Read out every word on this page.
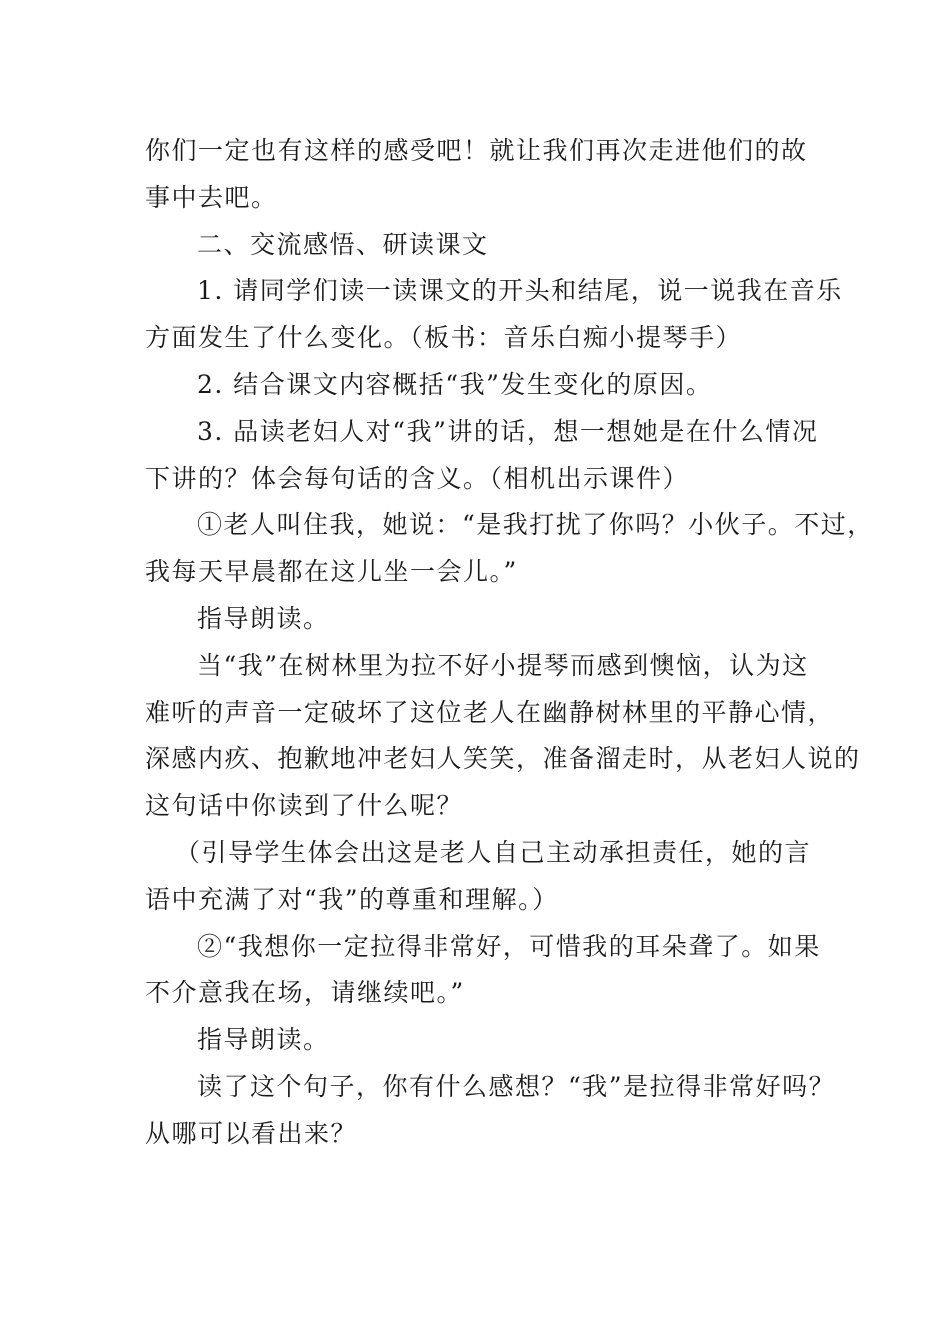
你们一定也有这样的感受吧！就让我们再次走进他们的故

事中去吧。

二、交流感悟、研读课文

1. 请同学们读一读课文的开头和结尾，说一说我在音乐

方面发生了什么变化。（板书：音乐白痴小提琴手）

2. 结合课文内容概括“我”发生变化的原因。

3. 品读老妇人对“我”讲的话，想一想她是在什么情况

下讲的？体会每句话的含义。（相机出示课件）

①老人叫住我，她说：“是我打扰了你吗？小伙子。不过，

我每天早晨都在这儿坐一会儿。”

指导朗读。

当“我”在树林里为拉不好小提琴而感到懊恼，认为这

难听的声音一定破坏了这位老人在幽静树林里的平静心情，

深感内疚、抱歉地冲老妇人笑笑，准备溜走时，从老妇人说的

这句话中你读到了什么呢？

（引导学生体会出这是老人自己主动承担责任，她的言

语中充满了对“我”的尊重和理解。）

②“我想你一定拉得非常好，可惜我的耳朵聋了。如果

不介意我在场，请继续吧。”

指导朗读。

读了这个句子，你有什么感想？“我”是拉得非常好吗？

从哪可以看出来？
